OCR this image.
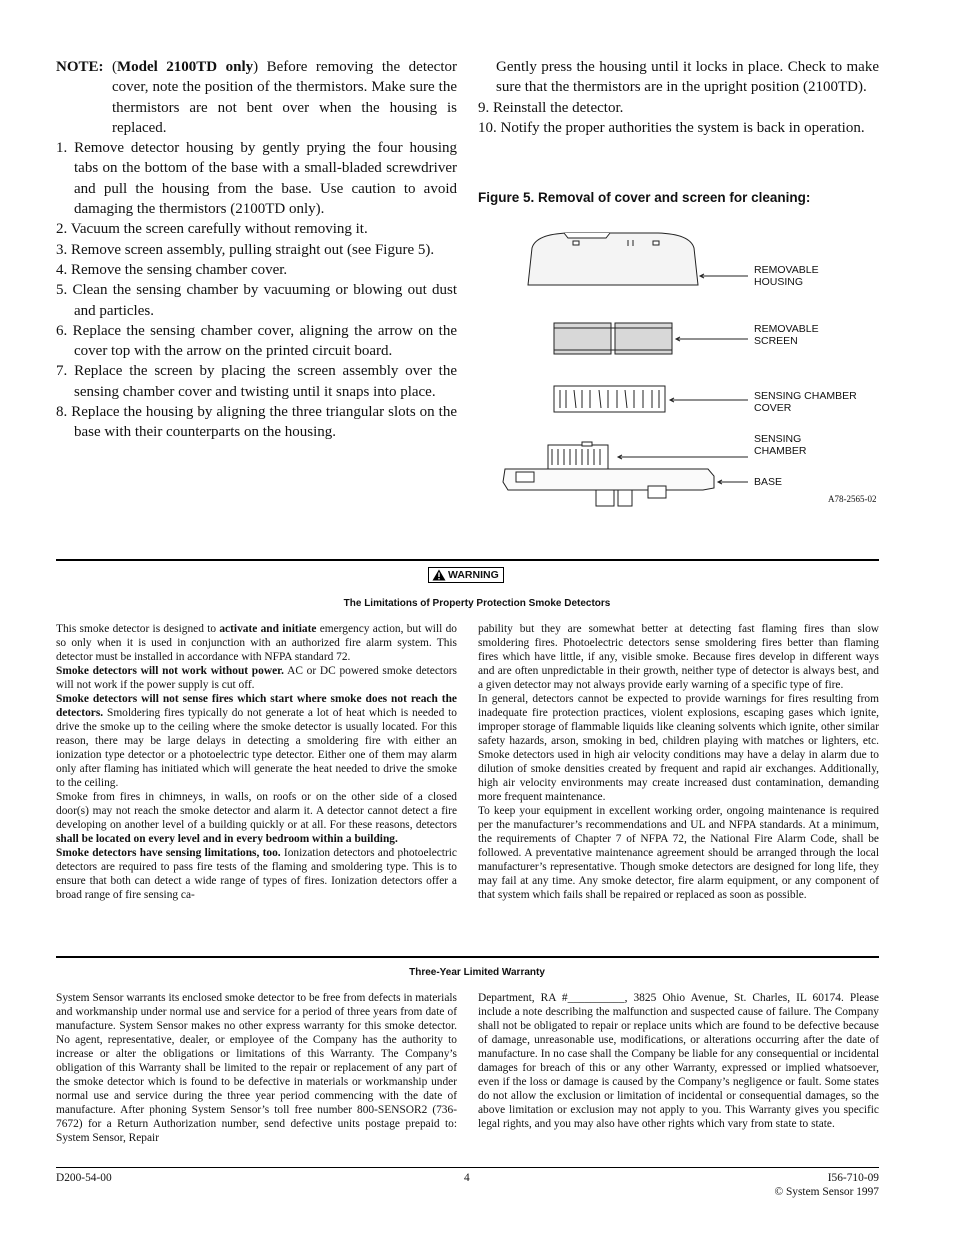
NOTE: (Model 2100TD only) Before removing the detector cover, note the position of the thermistors. Make sure the thermistors are not bent over when the housing is replaced.

1. Remove detector housing by gently prying the four housing tabs on the bottom of the base with a small-bladed screwdriver and pull the housing from the base. Use caution to avoid damaging the thermistors (2100TD only).

2. Vacuum the screen carefully without removing it.

3. Remove screen assembly, pulling straight out (see Figure 5).

4. Remove the sensing chamber cover.

5. Clean the sensing chamber by vacuuming or blowing out dust and particles.

6. Replace the sensing chamber cover, aligning the arrow on the cover top with the arrow on the printed circuit board.

7. Replace the screen by placing the screen assembly over the sensing chamber cover and twisting until it snaps into place.

8. Replace the housing by aligning the three triangular slots on the base with their counterparts on the housing.

Gently press the housing until it locks in place. Check to make sure that the thermistors are in the upright position (2100TD).

9. Reinstall the detector.

10. Notify the proper authorities the system is back in operation.

Figure 5. Removal of cover and screen for cleaning:
REMOVABLE
HOUSING
REMOVABLE
SCREEN
SENSING CHAMBER
COVER
SENSING
CHAMBER
BASE
A78-2565-02
WARNING
The Limitations of Property Protection Smoke Detectors

This smoke detector is designed to activate and initiate emergency action, but will do so only when it is used in conjunction with an authorized fire alarm system. This detector must be installed in accordance with NFPA standard 72.

Smoke detectors will not work without power. AC or DC powered smoke detectors will not work if the power supply is cut off.

Smoke detectors will not sense fires which start where smoke does not reach the detectors. Smoldering fires typically do not generate a lot of heat which is needed to drive the smoke up to the ceiling where the smoke detector is usually located. For this reason, there may be large delays in detecting a smoldering fire with either an ionization type detector or a photoelectric type detector. Either one of them may alarm only after flaming has initiated which will generate the heat needed to drive the smoke to the ceiling.

Smoke from fires in chimneys, in walls, on roofs or on the other side of a closed door(s) may not reach the smoke detector and alarm it. A detector cannot detect a fire developing on another level of a building quickly or at all. For these reasons, detectors shall be located on every level and in every bedroom within a building.

Smoke detectors have sensing limitations, too. Ionization detectors and photoelectric detectors are required to pass fire tests of the flaming and smoldering type. This is to ensure that both can detect a wide range of types of fires. Ionization detectors offer a broad range of fire sensing ca-

pability but they are somewhat better at detecting fast flaming fires than slow smoldering fires. Photoelectric detectors sense smoldering fires better than flaming fires which have little, if any, visible smoke. Because fires develop in different ways and are often unpredictable in their growth, neither type of detector is always best, and a given detector may not always provide early warning of a specific type of fire.

In general, detectors cannot be expected to provide warnings for fires resulting from inadequate fire protection practices, violent explosions, escaping gases which ignite, improper storage of flammable liquids like cleaning solvents which ignite, other similar safety hazards, arson, smoking in bed, children playing with matches or lighters, etc. Smoke detectors used in high air velocity conditions may have a delay in alarm due to dilution of smoke densities created by frequent and rapid air exchanges. Additionally, high air velocity environments may create increased dust contamination, demanding more frequent maintenance.

To keep your equipment in excellent working order, ongoing maintenance is required per the manufacturer’s recommendations and UL and NFPA standards. At a minimum, the requirements of Chapter 7 of NFPA 72, the National Fire Alarm Code, shall be followed. A preventative maintenance agreement should be arranged through the local manufacturer’s representative. Though smoke detectors are designed for long life, they may fail at any time. Any smoke detector, fire alarm equipment, or any component of that system which fails shall be repaired or replaced as soon as possible.

Three-Year Limited Warranty
System Sensor warrants its enclosed smoke detector to be free from defects in materials and workmanship under normal use and service for a period of three years from date of manufacture. System Sensor makes no other express warranty for this smoke detector. No agent, representative, dealer, or employee of the Company has the authority to increase or alter the obligations or limitations of this Warranty. The Company’s obligation of this Warranty shall be limited to the repair or replacement of any part of the smoke detector which is found to be defective in materials or workmanship under normal use and service during the three year period commencing with the date of manufacture. After phoning System Sensor’s toll free number 800-SENSOR2 (736-7672) for a Return Authorization number, send defective units postage prepaid to: System Sensor, Repair
Department, RA #__________, 3825 Ohio Avenue, St. Charles, IL 60174. Please include a note describing the malfunction and suspected cause of failure. The Company shall not be obligated to repair or replace units which are found to be defective because of damage, unreasonable use, modifications, or alterations occurring after the date of manufacture. In no case shall the Company be liable for any consequential or incidental damages for breach of this or any other Warranty, expressed or implied whatsoever, even if the loss or damage is caused by the Company’s negligence or fault. Some states do not allow the exclusion or limitation of incidental or consequential damages, so the above limitation or exclusion may not apply to you. This Warranty gives you specific legal rights, and you may also have other rights which vary from state to state.
D200-54-00	4	I56-710-09
© System Sensor 1997
